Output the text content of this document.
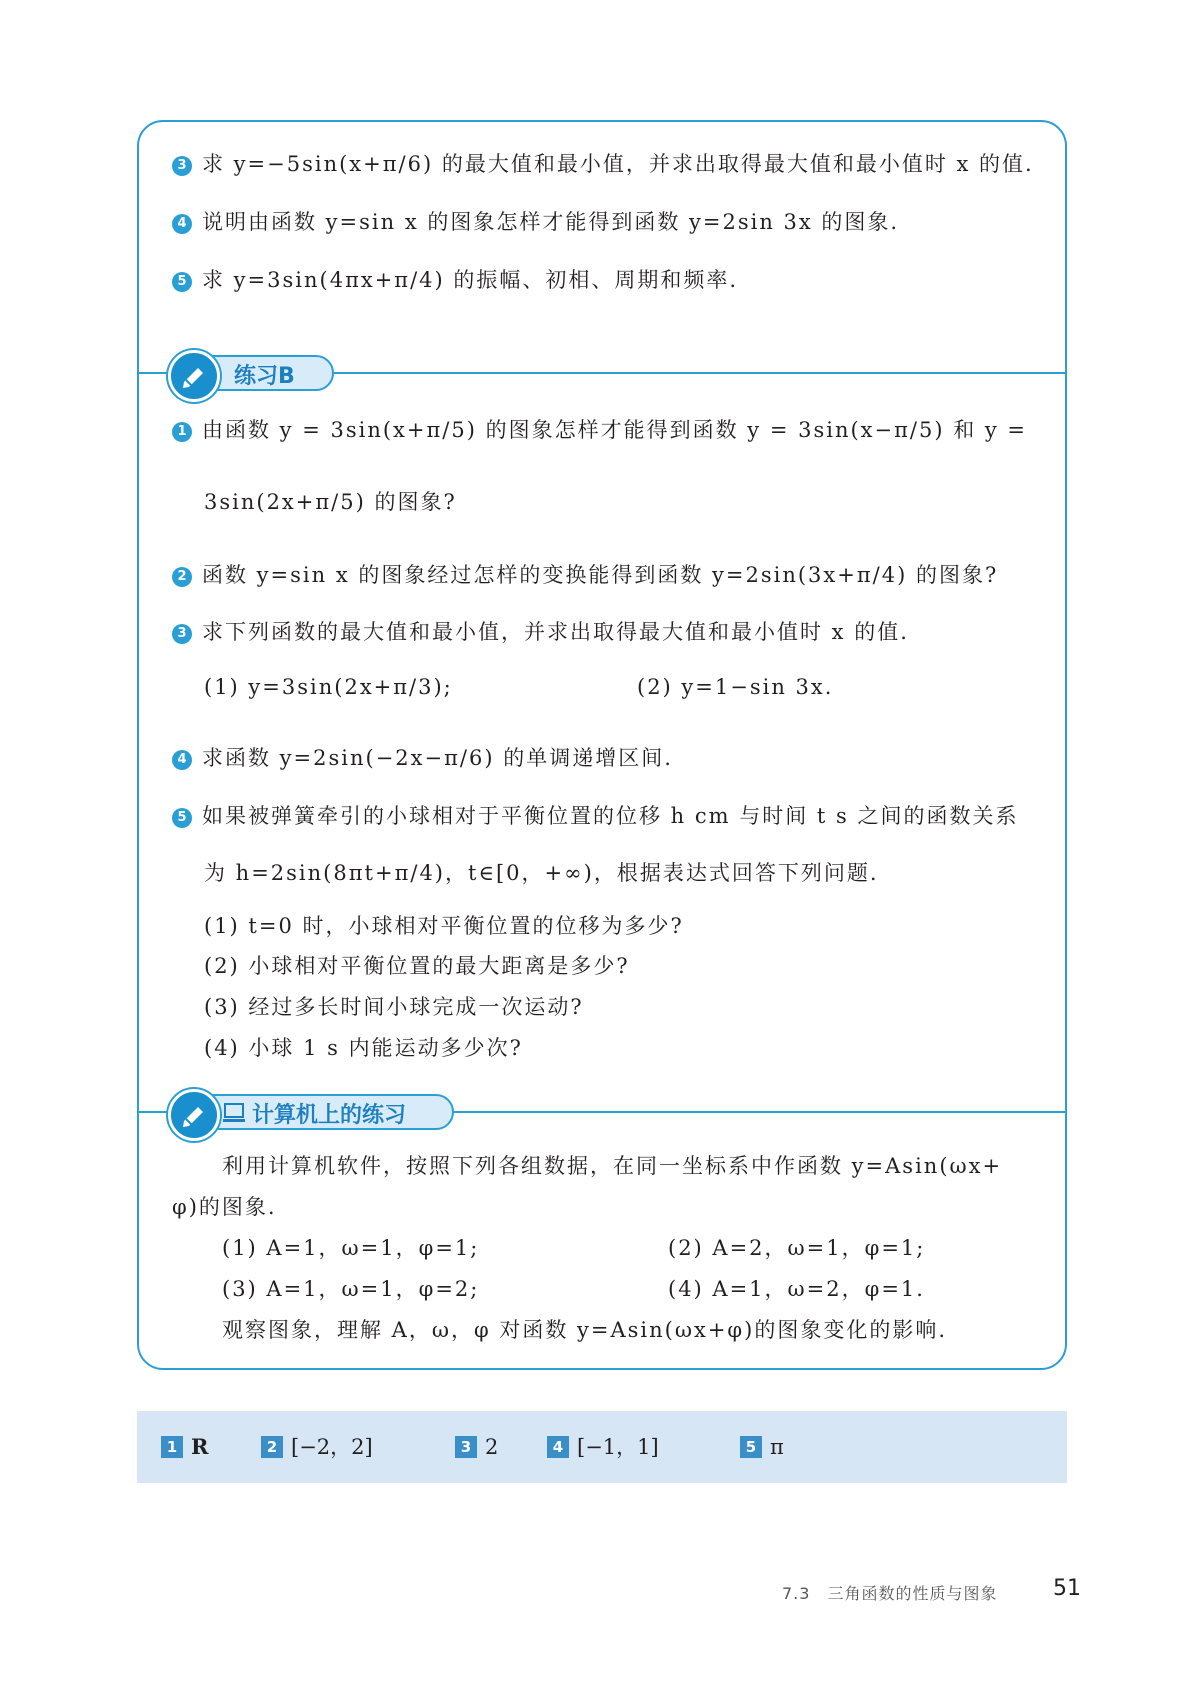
3 求 y=−5sin(x+π/6) 的最大值和最小值，并求出取得最大值和最小值时 x 的值.
4 说明由函数 y=sin x 的图象怎样才能得到函数 y=2sin 3x 的图象.
5 求 y=3sin(4πx+π/4) 的振幅、初相、周期和频率.
练习B
1 由函数 y = 3sin(x+π/5) 的图象怎样才能得到函数 y = 3sin(x−π/5) 和 y =
3sin(2x+π/5) 的图象?
2 函数 y=sin x 的图象经过怎样的变换能得到函数 y=2sin(3x+π/4) 的图象?
3 求下列函数的最大值和最小值，并求出取得最大值和最小值时 x 的值.
(1) y=3sin(2x+π/3);	(2) y=1−sin 3x.
4 求函数 y=2sin(−2x−π/6) 的单调递增区间.
5 如果被弹簧牵引的小球相对于平衡位置的位移 h cm 与时间 t s 之间的函数关系
为 h=2sin(8πt+π/4)，t∈[0，+∞)，根据表达式回答下列问题.
(1) t=0 时，小球相对平衡位置的位移为多少?
(2) 小球相对平衡位置的最大距离是多少?
(3) 经过多长时间小球完成一次运动?
(4) 小球 1 s 内能运动多少次?
计算机上的练习
利用计算机软件，按照下列各组数据，在同一坐标系中作函数 y=Asin(ωx+
φ)的图象.
(1) A=1，ω=1，φ=1;	(2) A=2，ω=1，φ=1;
(3) A=1，ω=1，φ=2;	(4) A=1，ω=2，φ=1.
观察图象，理解 A，ω，φ 对函数 y=Asin(ωx+φ)的图象变化的影响.
1 R	2 [−2，2]	3 2	4 [−1，1]	5 π
7.3　三角函数的性质与图象	51
